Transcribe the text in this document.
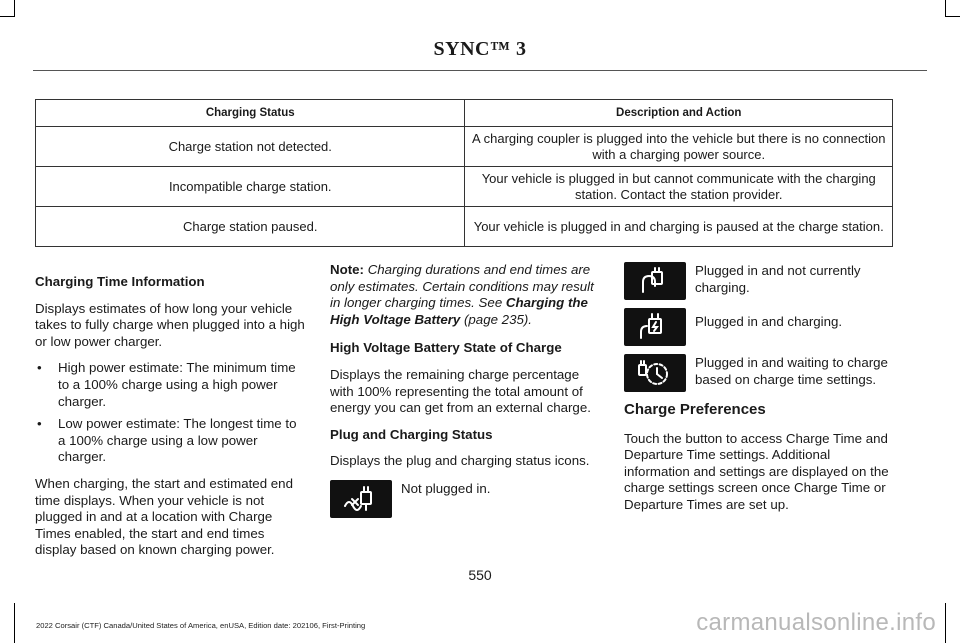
SYNC™ 3
Charging Status	Description and Action
Charge station not detected.	A charging coupler is plugged into the vehicle but there is no connection with a charging power source.
Incompatible charge station.	Your vehicle is plugged in but cannot communicate with the charging station. Contact the station provider.
Charge station paused.	Your vehicle is plugged in and charging is paused at the charge station.
Charging Time Information
Displays estimates of how long your vehicle takes to fully charge when plugged into a high or low power charger.
• High power estimate: The minimum time to a 100% charge using a high power charger.
• Low power estimate: The longest time to a 100% charge using a low power charger.
When charging, the start and estimated end time displays. When your vehicle is not plugged in and at a location with Charge Times enabled, the start and end times display based on known charging power.
Note: Charging durations and end times are only estimates. Certain conditions may result in longer charging times. See Charging the High Voltage Battery (page 235).
High Voltage Battery State of Charge
Displays the remaining charge percentage with 100% representing the total amount of energy you can get from an external charge.
Plug and Charging Status
Displays the plug and charging status icons.
Not plugged in.
Plugged in and not currently charging.
Plugged in and charging.
Plugged in and waiting to charge based on charge time settings.
Charge Preferences
Touch the button to access Charge Time and Departure Time settings. Additional information and settings are displayed on the charge settings screen once Charge Time or Departure Times are set up.
550
2022 Corsair (CTF) Canada/United States of America, enUSA, Edition date: 202106, First-Printing	carmanualsonline.info
